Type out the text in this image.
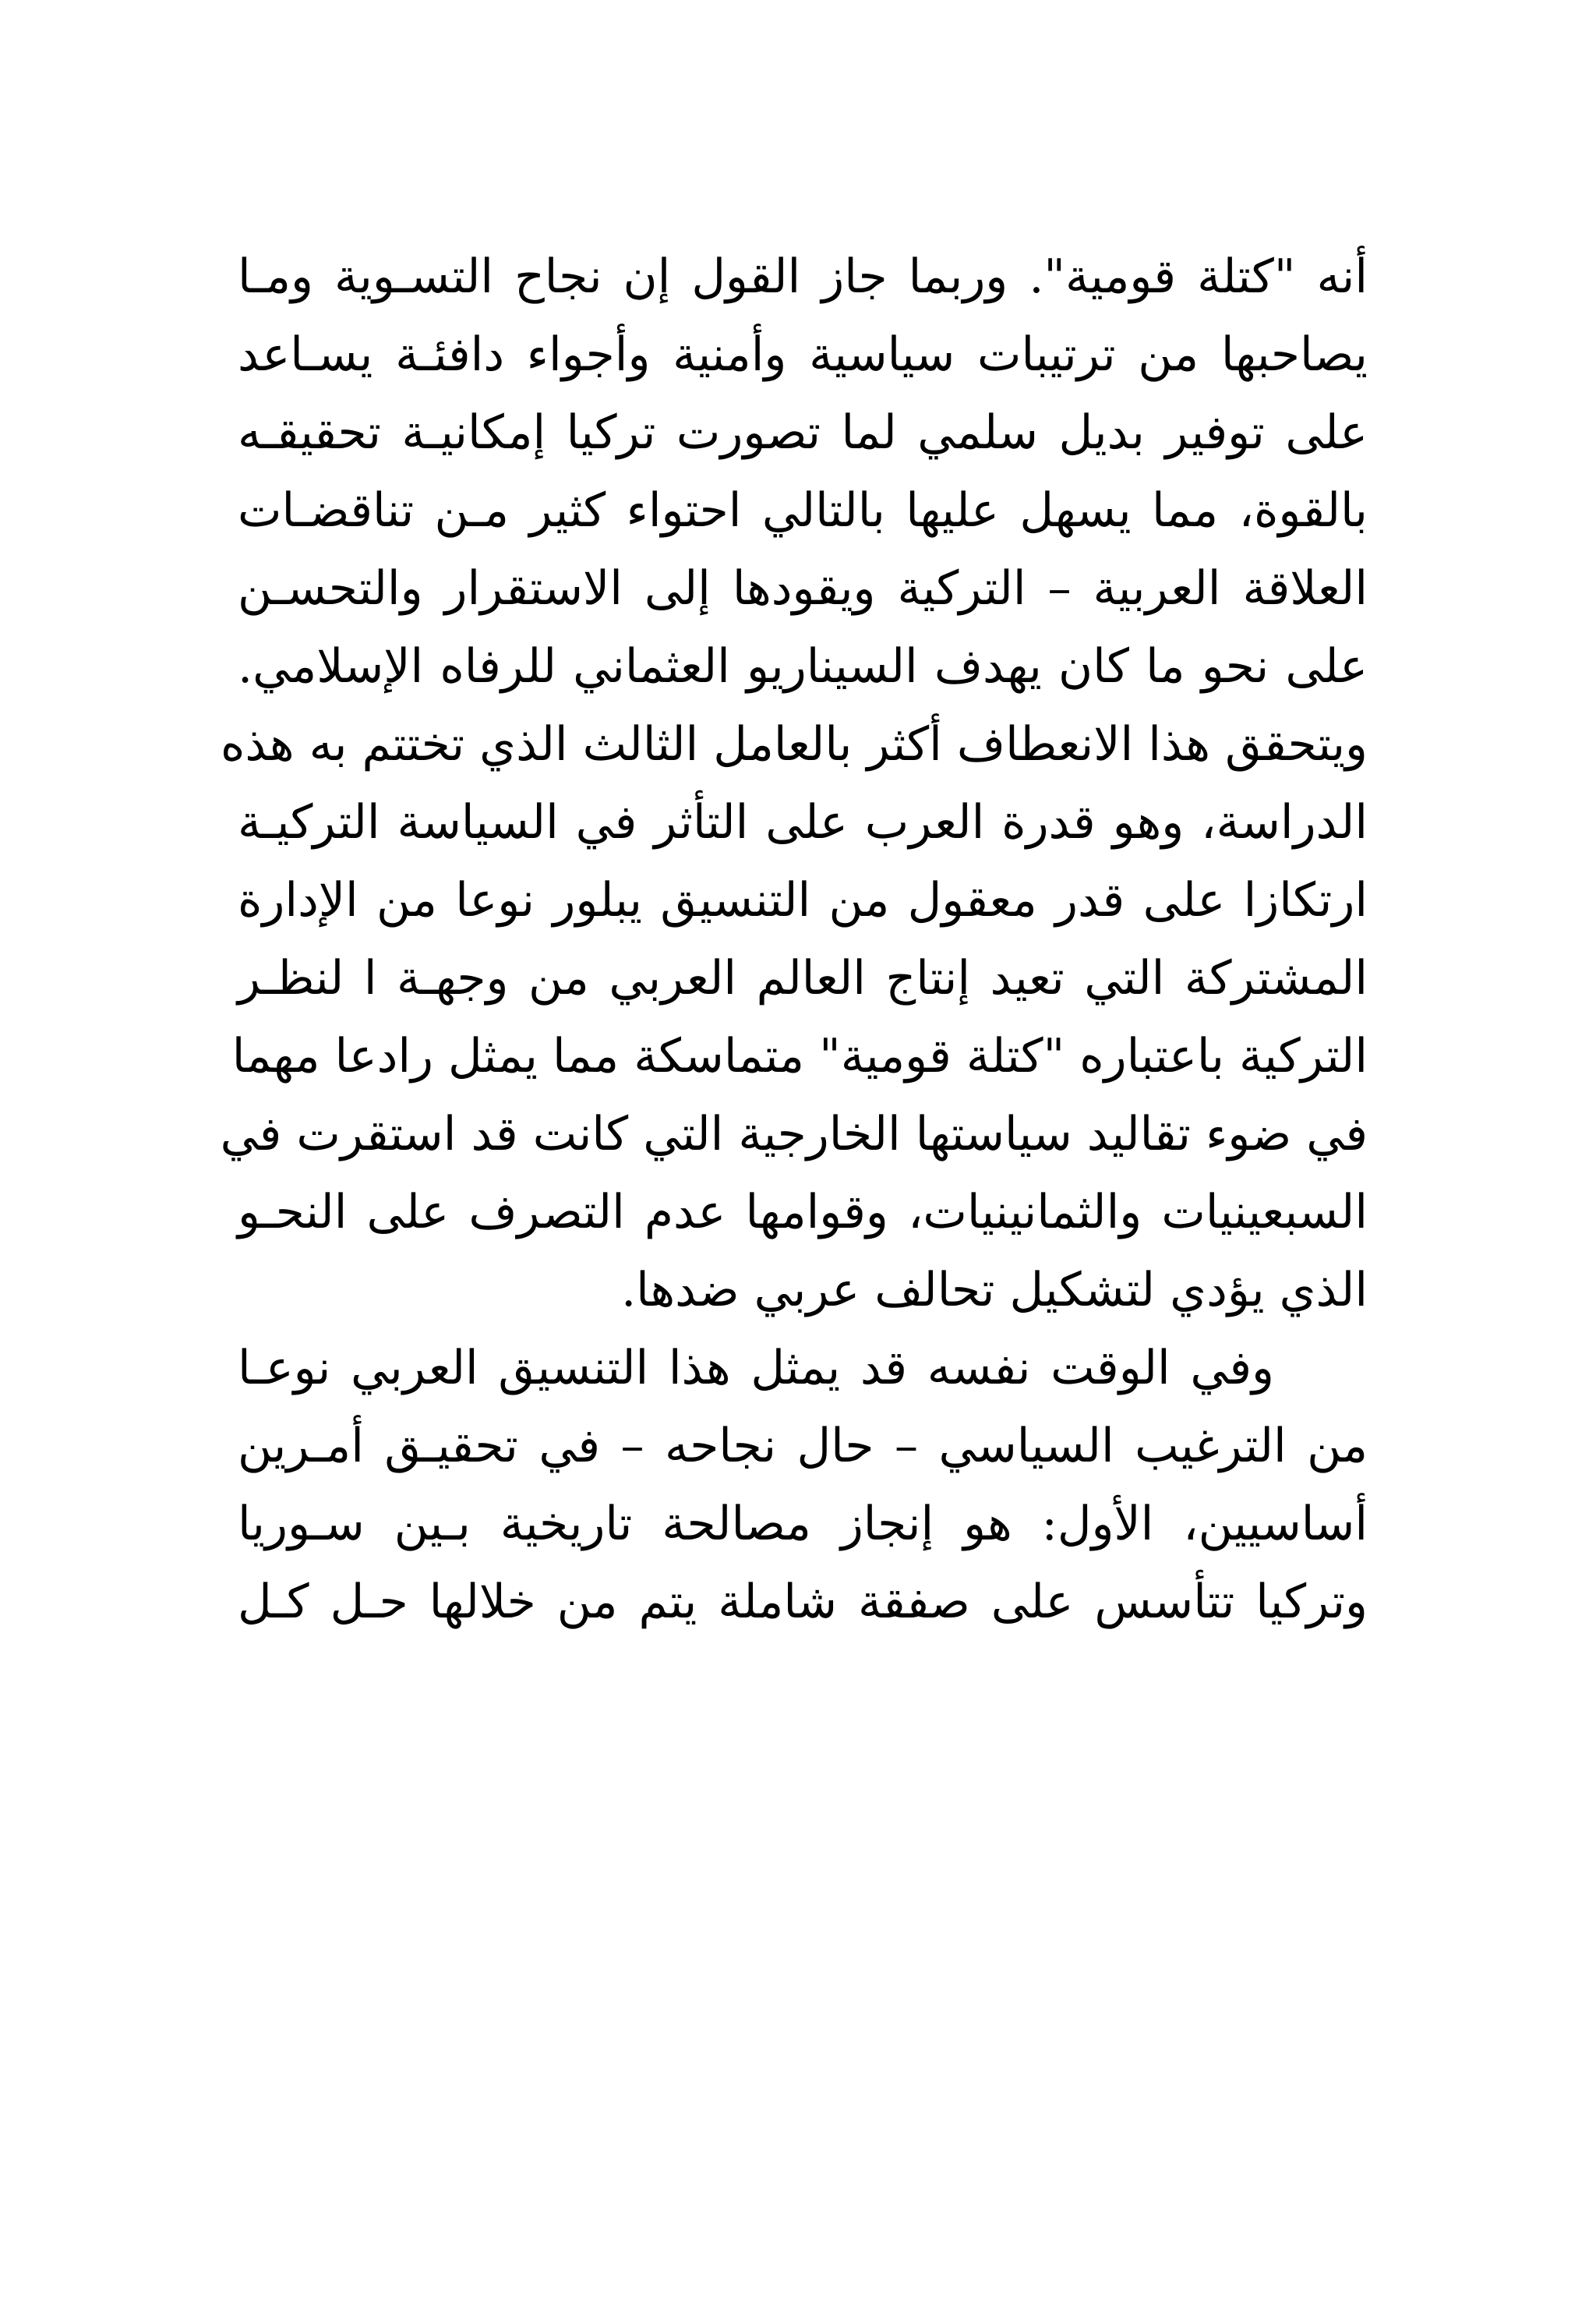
أنه "كتلة قومية". وربما جاز القول إن نجاح التسـوية ومـا
يصاحبها من ترتيبات سياسية وأمنية وأجواء دافئـة يسـاعد
على توفير بديل سلمي لما تصورت تركيا إمكانيـة تحقيقـه
بالقوة، مما يسهل عليها بالتالي احتواء كثير مـن تناقضـات
العلاقة العربية – التركية ويقودها إلى الاستقرار والتحسـن
على نحو ما كان يهدف السيناريو العثماني للرفاه الإسلامي.
ويتحقق هذا الانعطاف أكثر بالعامل الثالث الذي تختتم به هذه
الدراسة، وهو قدرة العرب على التأثر في السياسة التركيـة
ارتكازا على قدر معقول من التنسيق يبلور نوعا من الإدارة
المشتركة التي تعيد إنتاج العالم العربي من وجهـة ا لنظـر
التركية باعتباره "كتلة قومية" متماسكة مما يمثل رادعا مهما
في ضوء تقاليد سياستها الخارجية التي كانت قد استقرت في
السبعينيات والثمانينيات، وقوامها عدم التصرف على النحـو
الذي يؤدي لتشكيل تحالف عربي ضدها.
وفي الوقت نفسه قد يمثل هذا التنسيق العربي نوعـا
من الترغيب السياسي – حال نجاحه – في تحقيـق أمـرين
أساسيين، الأول: هو إنجاز مصالحة تاريخية بـين سـوريا
وتركيا تتأسس على صفقة شاملة يتم من خلالها حـل كـل
